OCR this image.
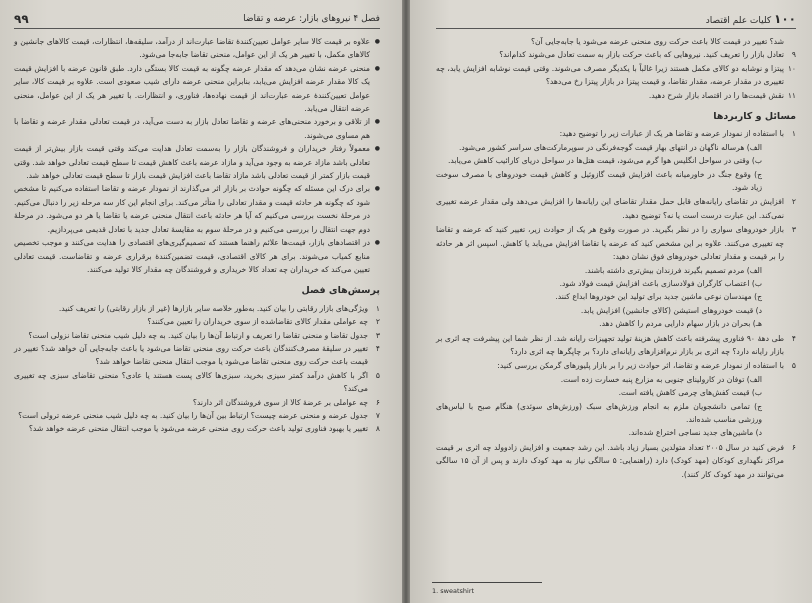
۹۹	فصل ۴ نیروهای بازار: عرضه و تقاضا

● علاوه بر قیمت کالا سایر عوامل تعیین‌کنندهٔ تقاضا عبارت‌اند از درآمد، سلیقه‌ها، انتظارات، قیمت کالاهای جانشین و کالاهای مکمل، با تغییر هر یک از این عوامل، منحنی تقاضا جابه‌جا می‌شود.

● منحنی عرضه نشان می‌دهد که مقدار عرضه چگونه به قیمت کالا بستگی دارد. طبق قانون عرضه با افزایش قیمت یک کالا مقدار عرضه افزایش می‌یابد، بنابراین منحنی عرضه دارای شیب صعودی است. علاوه بر قیمت کالا، سایر عوامل تعیین‌کنندهٔ عرضه عبارت‌اند از قیمت نهاده‌ها، فناوری، و انتظارات. با تغییر هر یک از این عوامل، منحنی عرضه انتقال می‌یابد.

● از تلاقی و برخورد منحنی‌های عرضه و تقاضا تعادل بازار به دست می‌آید، در قیمت تعادلی مقدار عرضه و تقاضا با هم مساوی می‌شوند.

● معمولاً رفتار خریداران و فروشندگان بازار را به‌سمت تعادل هدایت می‌کند وقتی قیمت بازار بیش‌تر از قیمت تعادلی باشد مازاد عرضه به وجود می‌آید و مازاد عرضه باعث کاهش قیمت تا سطح قیمت تعادلی خواهد شد. وقتی قیمت بازار کمتر از قیمت تعادلی باشد مازاد تقاضا باعث افزایش قیمت بازار تا سطح قیمت تعادلی خواهد شد.

● برای درک این مسئله که چگونه حوادث بر بازار اثر می‌گذارند از نمودار عرضه و تقاضا استفاده می‌کنیم تا مشخص شود که چگونه هر حادثه قیمت و مقدار تعادلی را متأثر می‌کند. برای انجام این کار سه مرحله زیر را دنبال می‌کنیم. در مرحلهٔ نخست بررسی می‌کنیم که آیا هر حادثه باعث انتقال منحنی عرضه یا تقاضا یا هر دو می‌شود. در مرحلهٔ دوم جهت انتقال را بررسی می‌کنیم و در مرحلهٔ سوم به مقایسهٔ تعادل جدید با تعادل قدیمی می‌پردازیم.

● در اقتصادهای بازار، قیمت‌ها علائم راهنما هستند که تصمیم‌گیری‌های اقتصادی را هدایت می‌کنند و موجب تخصیص منابع کمیاب می‌شوند. برای هر کالای اقتصادی، قیمت تضمین‌کنندهٔ برقراری عرضه و تقاضاست. قیمت تعادلی تعیین می‌کند که خریداران چه تعداد کالا خریداری و فروشندگان چه مقدار کالا تولید می‌کنند.

پرسش‌های فصل

۱
ویژگی‌های بازار رقابتی را بیان کنید. به‌طور خلاصه سایر بازارها (غیر از بازار رقابتی) را تعریف کنید.

۲
چه عواملی مقدار کالای تقاضاشده از سوی خریداران را تعیین می‌کنند؟

۳
جدول تقاضا و منحنی تقاضا را تعریف و ارتباط آن‌ها را بیان کنید. به چه دلیل شیب منحنی تقاضا نزولی است؟

۴
تغییر در سلیقهٔ مصرف‌کنندگان باعث حرکت روی منحنی تقاضا می‌شود یا باعث جابه‌جایی آن خواهد شد؟ تغییر در قیمت باعث حرکت روی منحنی تقاضا می‌شود یا موجب انتقال منحنی تقاضا خواهد شد؟

۵
اگر با کاهش درآمد کمتر سیزی بخرید، سبزی‌ها کالای پست هستند یا عادی؟ منحنی تقاضای سبزی چه تغییری می‌کند؟

۶
چه عواملی بر عرضهٔ کالا از سوی فروشندگان اثر دارند؟

۷
جدول عرضه و منحنی عرضه چیست؟ ارتباط بین آن‌ها را بیان کنید. به چه دلیل شیب منحنی عرضه ترولی است؟

۸
تغییر یا بهبود فناوری تولید باعث حرکت روی منحنی عرضه می‌شود یا موجب انتقال منحنی عرضه خواهد شد؟

۱۰۰ کلیات علم اقتصاد

شد؟ تغییر در قیمت کالا باعث حرکت روی منحنی عرضه می‌شود یا جابه‌جایی آن؟

۹
تعادل بازار را تعریف کنید. نیروهایی که باعث حرکت بازار به سمت تعادل می‌شوند کدام‌اند؟

۱۰
پیتزا و نوشابه دو کالای مکمل هستند زیرا غالباً با یکدیگر مصرف می‌شوند. وقتی قیمت نوشابه افزایش یابد، چه تغییری در مقدار عرضه، مقدار تقاضا، و قیمت پیتزا در بازار پیتزا رخ می‌دهد؟

۱۱
نقش قیمت‌ها را در اقتصاد بازار شرح دهید.

مسائل و کاربردها
۱
با استفاده از نمودار عرضه و تقاضا هر یک از عبارات زیر را توضیح دهید:

الف) هرساله ناگهان در انتهای بهار قیمت گوجه‌فرنگی در سوپرمارکت‌های سراسر کشور می‌شود.

ب) وقتی در سواحل انگلیس هوا گرم می‌شود، قیمت هتل‌ها در سواحل دریای کارائیب کاهش می‌یابد.

ج) وقوع جنگ در خاورمیانه باعث افزایش قیمت گازوئیل و کاهش قیمت خودروهای با مصرف سوخت زیاد شود.

۲
افزایش در تقاضای رایانه‌های قابل حمل مقدار تقاضای این رایانه‌ها را افزایش می‌دهد ولی مقدار عرضه تغییری نمی‌کند. این عبارت درست است یا نه؟ توضیح دهید.
۳
بازار خودروهای سواری را در نظر بگیرید. در صورت وقوع هر یک از حوادث زیر، تغییر کنید که عرضه و تقاضا چه تغییری می‌کنند. علاوه بر این مشخص کنید که عرضه یا تقاضا افزایش می‌یابد یا کاهش. اسپس اثر هر حادثه را بر قیمت و مقدار تعادلی خودروهای فوق نشان دهید:

الف) مردم تصمیم بگیرند فرزندان بیش‌تری داشته باشند.

ب) اعتصاب کارگران فولادسازی باعث افزایش قیمت فولاد شود.

ج) مهندسان نوعی ماشین جدید برای تولید این خودروها ابداع کنند.

د) قیمت خودروهای استیشن (کالای جانشین) افزایش یابد.

هـ) بحران در بازار سهام دارایی مردم را کاهش دهد.

۴
طی دههٔ ۹۰ فناوری پیشرفته باعث کاهش هزینهٔ تولید تجهیزات رایانه شد. از نظر شما این پیشرفت چه اثری بر بازار رایانه دارد؟ چه اثری بر بازار نرم‌افزارهای رایانه‌ای دارد؟ بر چاپگرها چه اثری دارد؟
۵
با استفاده از نمودار عرضه و تقاضا، اثر حوادث زیر را بر بازار پلیورهای گرمکن بررسی کنید:

الف) توفان در کارولینای جنوبی به مزارع پنبه خسارت زده است.

ب) قیمت کفش‌های چرمی کاهش یافته است.

ج) تمامی دانشجویان ملزم به انجام ورزش‌های سبک (ورزش‌های سوئدی) هنگام صبح با لباس‌های ورزشی مناسب شده‌اند.

د) ماشین‌های جدید نساجی اختراع شده‌اند.

۶
فرض کنید در سال ۲۰۰۵ تعداد متولدین بسیار زیاد باشد. این رشد جمعیت و افزایش زادوولد چه اثری بر قیمت مراکز نگهداری کودکان (مهد کودک) دارد (راهنمایی: ۵ سالگی نیاز به مهد کودک دارند و پس از آن ۱۵ سالگی می‌توانند در مهد کودک کار کنند).
1. sweatshirt
